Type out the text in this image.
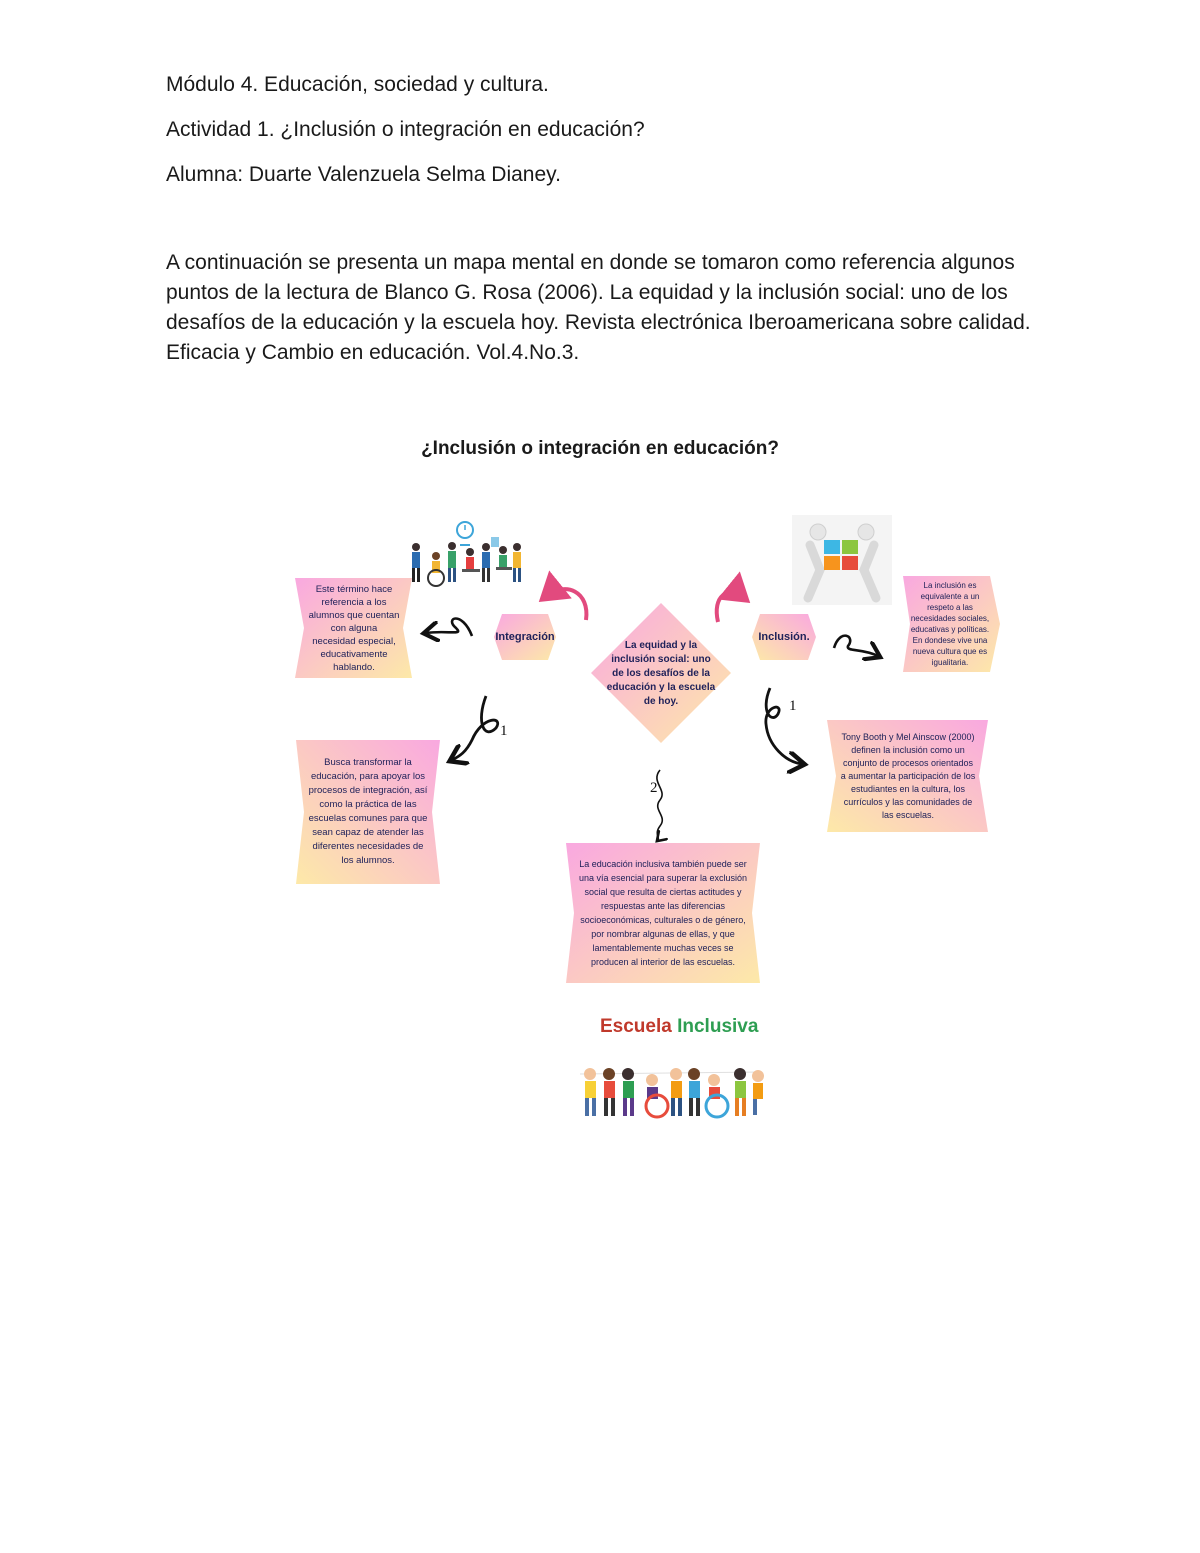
Módulo 4. Educación, sociedad y cultura.
Actividad 1. ¿Inclusión o integración en educación?
Alumna: Duarte Valenzuela Selma Dianey.

A continuación se presenta un mapa mental en donde se tomaron como referencia algunos puntos de la lectura de Blanco G. Rosa (2006). La equidad y la inclusión social: uno de los desafíos de la educación y la escuela hoy. Revista electrónica Iberoamericana sobre calidad. Eficacia y Cambio en educación. Vol.4.No.3.

¿Inclusión o integración en educación?
1
1
2
La equidad y la inclusión social: uno de los desafíos de la educación y la escuela de hoy.
Integración	Inclusión.
Este término hace referencia a los alumnos que cuentan con alguna necesidad especial, educativamente hablando.
Busca transformar la educación, para apoyar los procesos de integración, así como la práctica de las escuelas comunes para que sean capaz de atender las diferentes necesidades de los alumnos.
La inclusión es equivalente a un respeto a las necesidades sociales, educativas y políticas. En dondese vive una nueva cultura que es igualitaria.
Tony Booth y Mel Ainscow (2000) definen la inclusión como un conjunto de procesos orientados a aumentar la participación de los estudiantes en la cultura, los currículos y las comunidades de las escuelas.
La educación inclusiva también puede ser una vía esencial para superar la exclusión social que resulta de ciertas actitudes y respuestas ante las diferencias socioeconómicas, culturales o de género, por nombrar algunas de ellas, y que lamentablemente muchas veces se producen al interior de las escuelas.
Escuela Inclusiva
